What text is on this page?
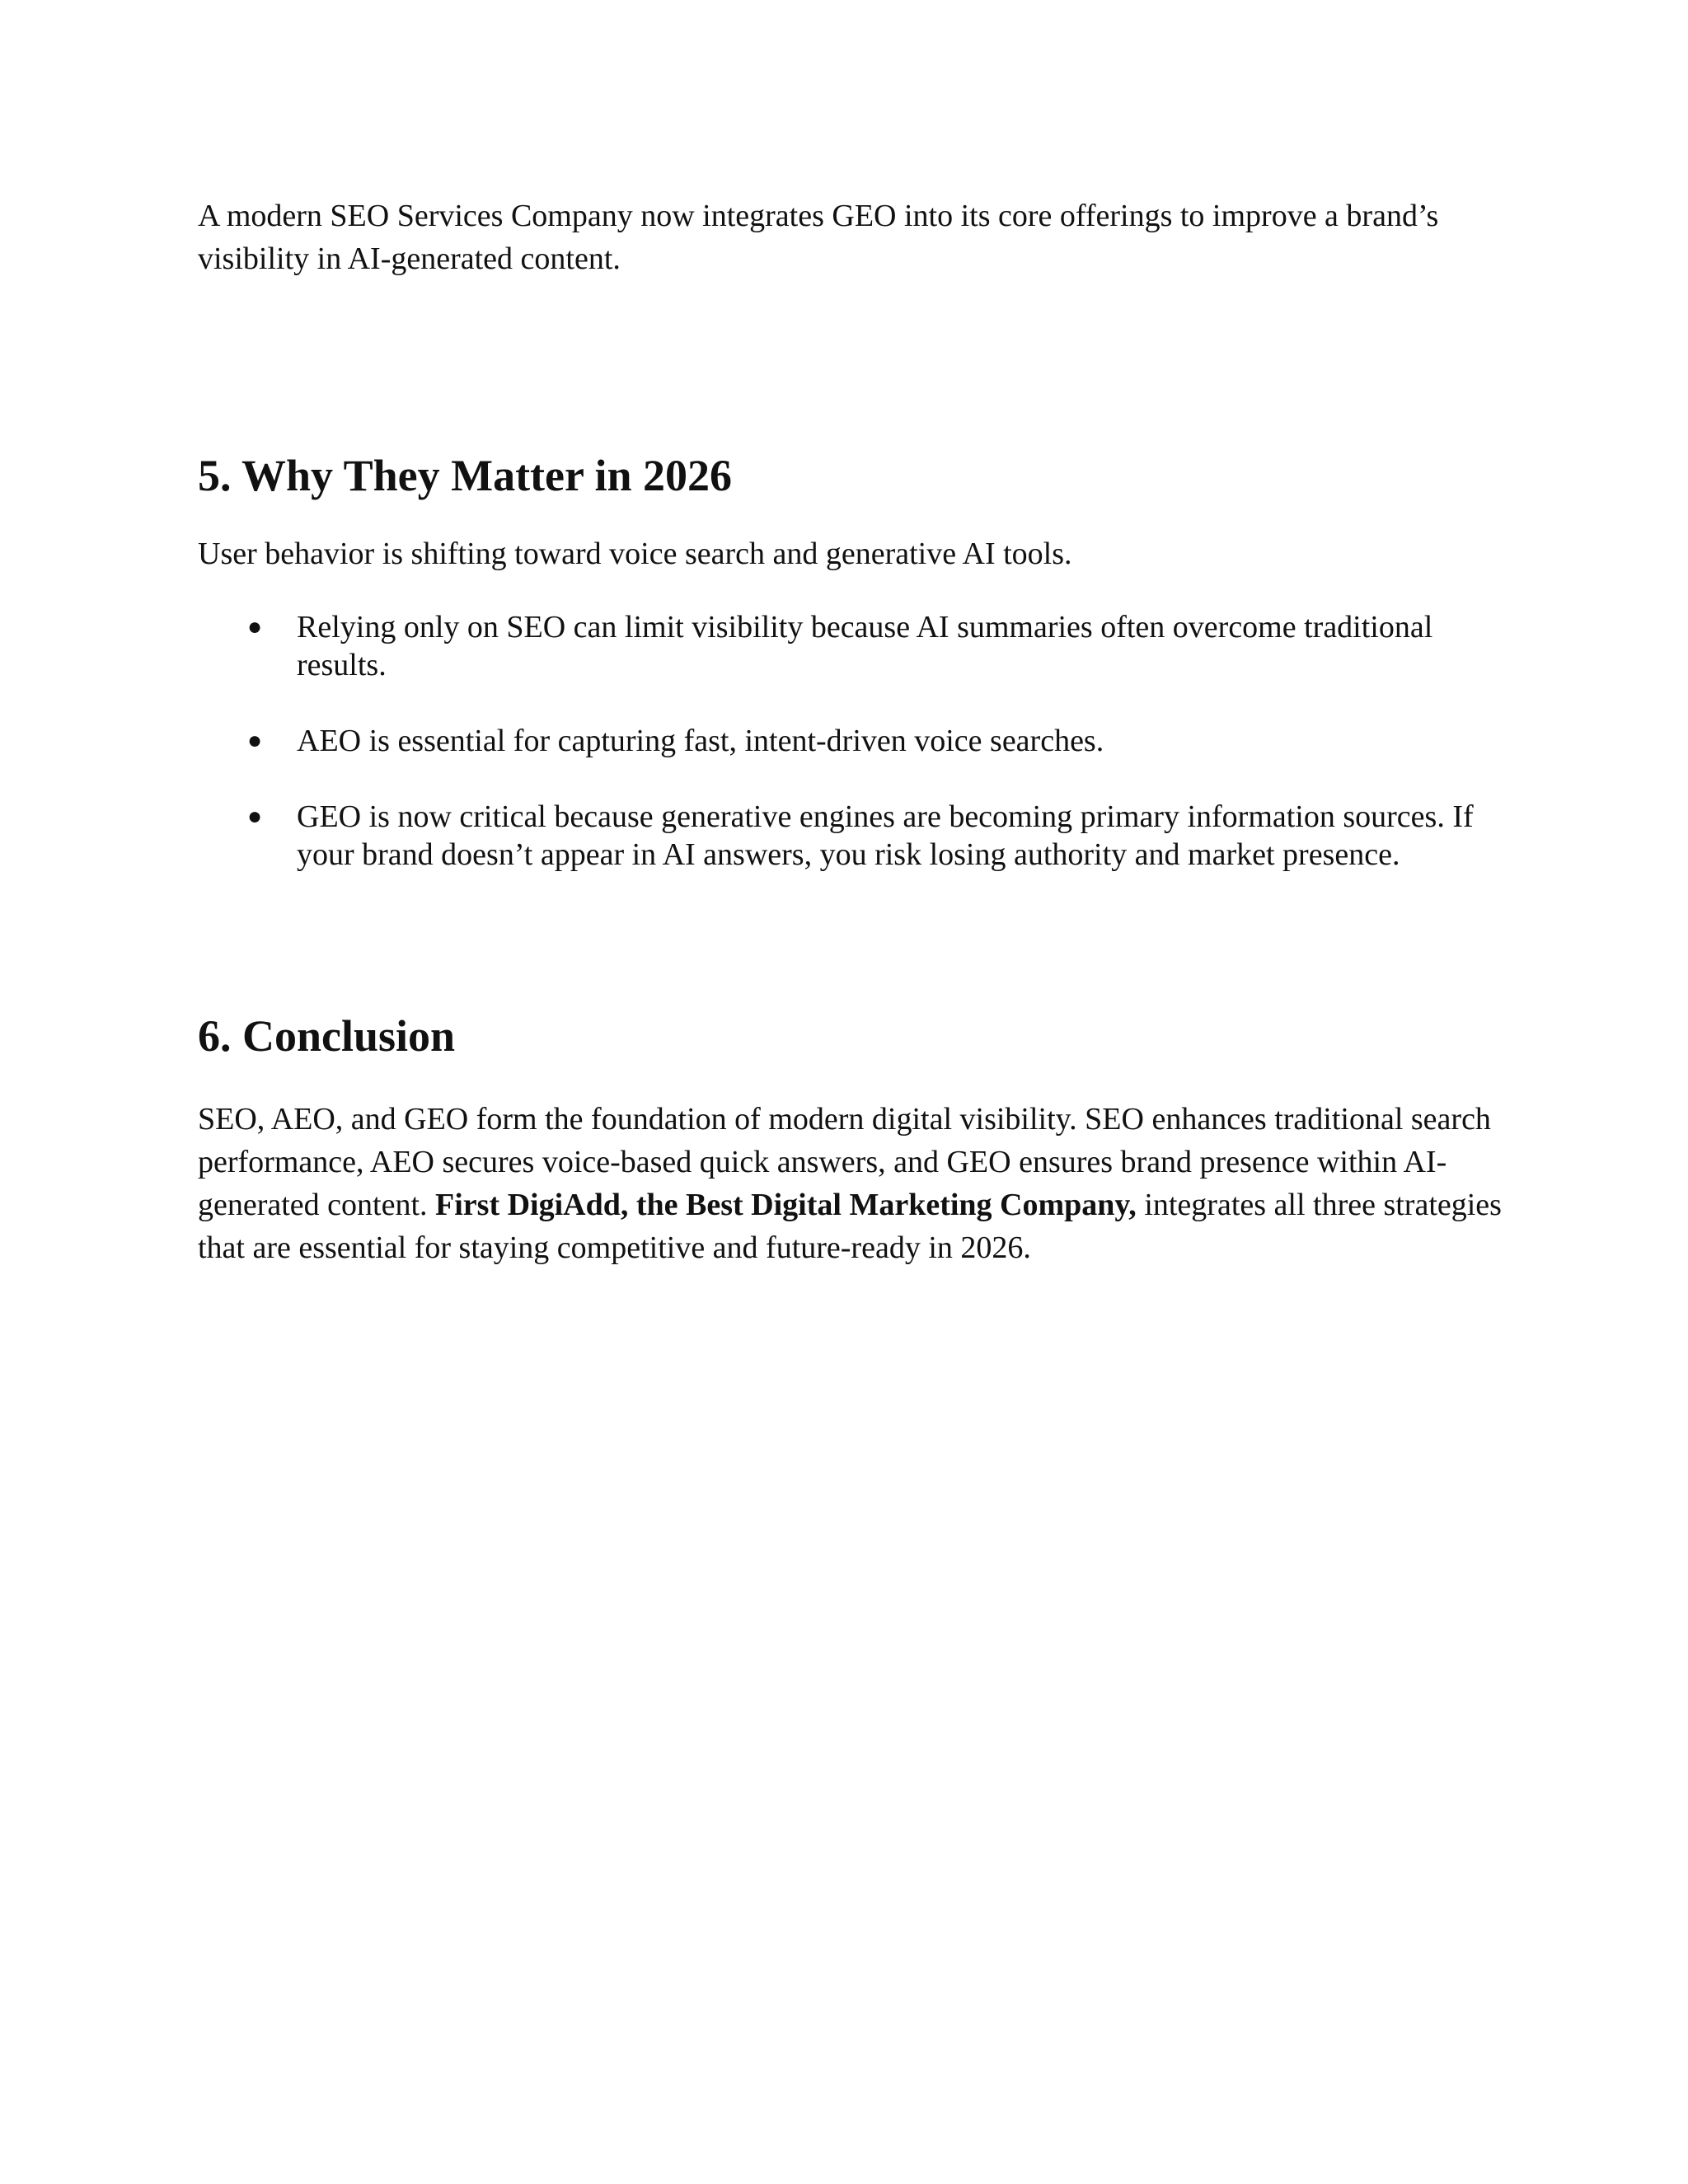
A modern SEO Services Company now integrates GEO into its core offerings to improve a brand’s visibility in AI-generated content.

5. Why They Matter in 2026

User behavior is shifting toward voice search and generative AI tools.

● Relying only on SEO can limit visibility because AI summaries often overcome traditional results.
● AEO is essential for capturing fast, intent-driven voice searches.
● GEO is now critical because generative engines are becoming primary information sources. If your brand doesn’t appear in AI answers, you risk losing authority and market presence.
6. Conclusion

SEO, AEO, and GEO form the foundation of modern digital visibility. SEO enhances traditional search performance, AEO secures voice-based quick answers, and GEO ensures brand presence within AI-generated content. First DigiAdd, the Best Digital Marketing Company, integrates all three strategies that are essential for staying competitive and future-ready in 2026.
